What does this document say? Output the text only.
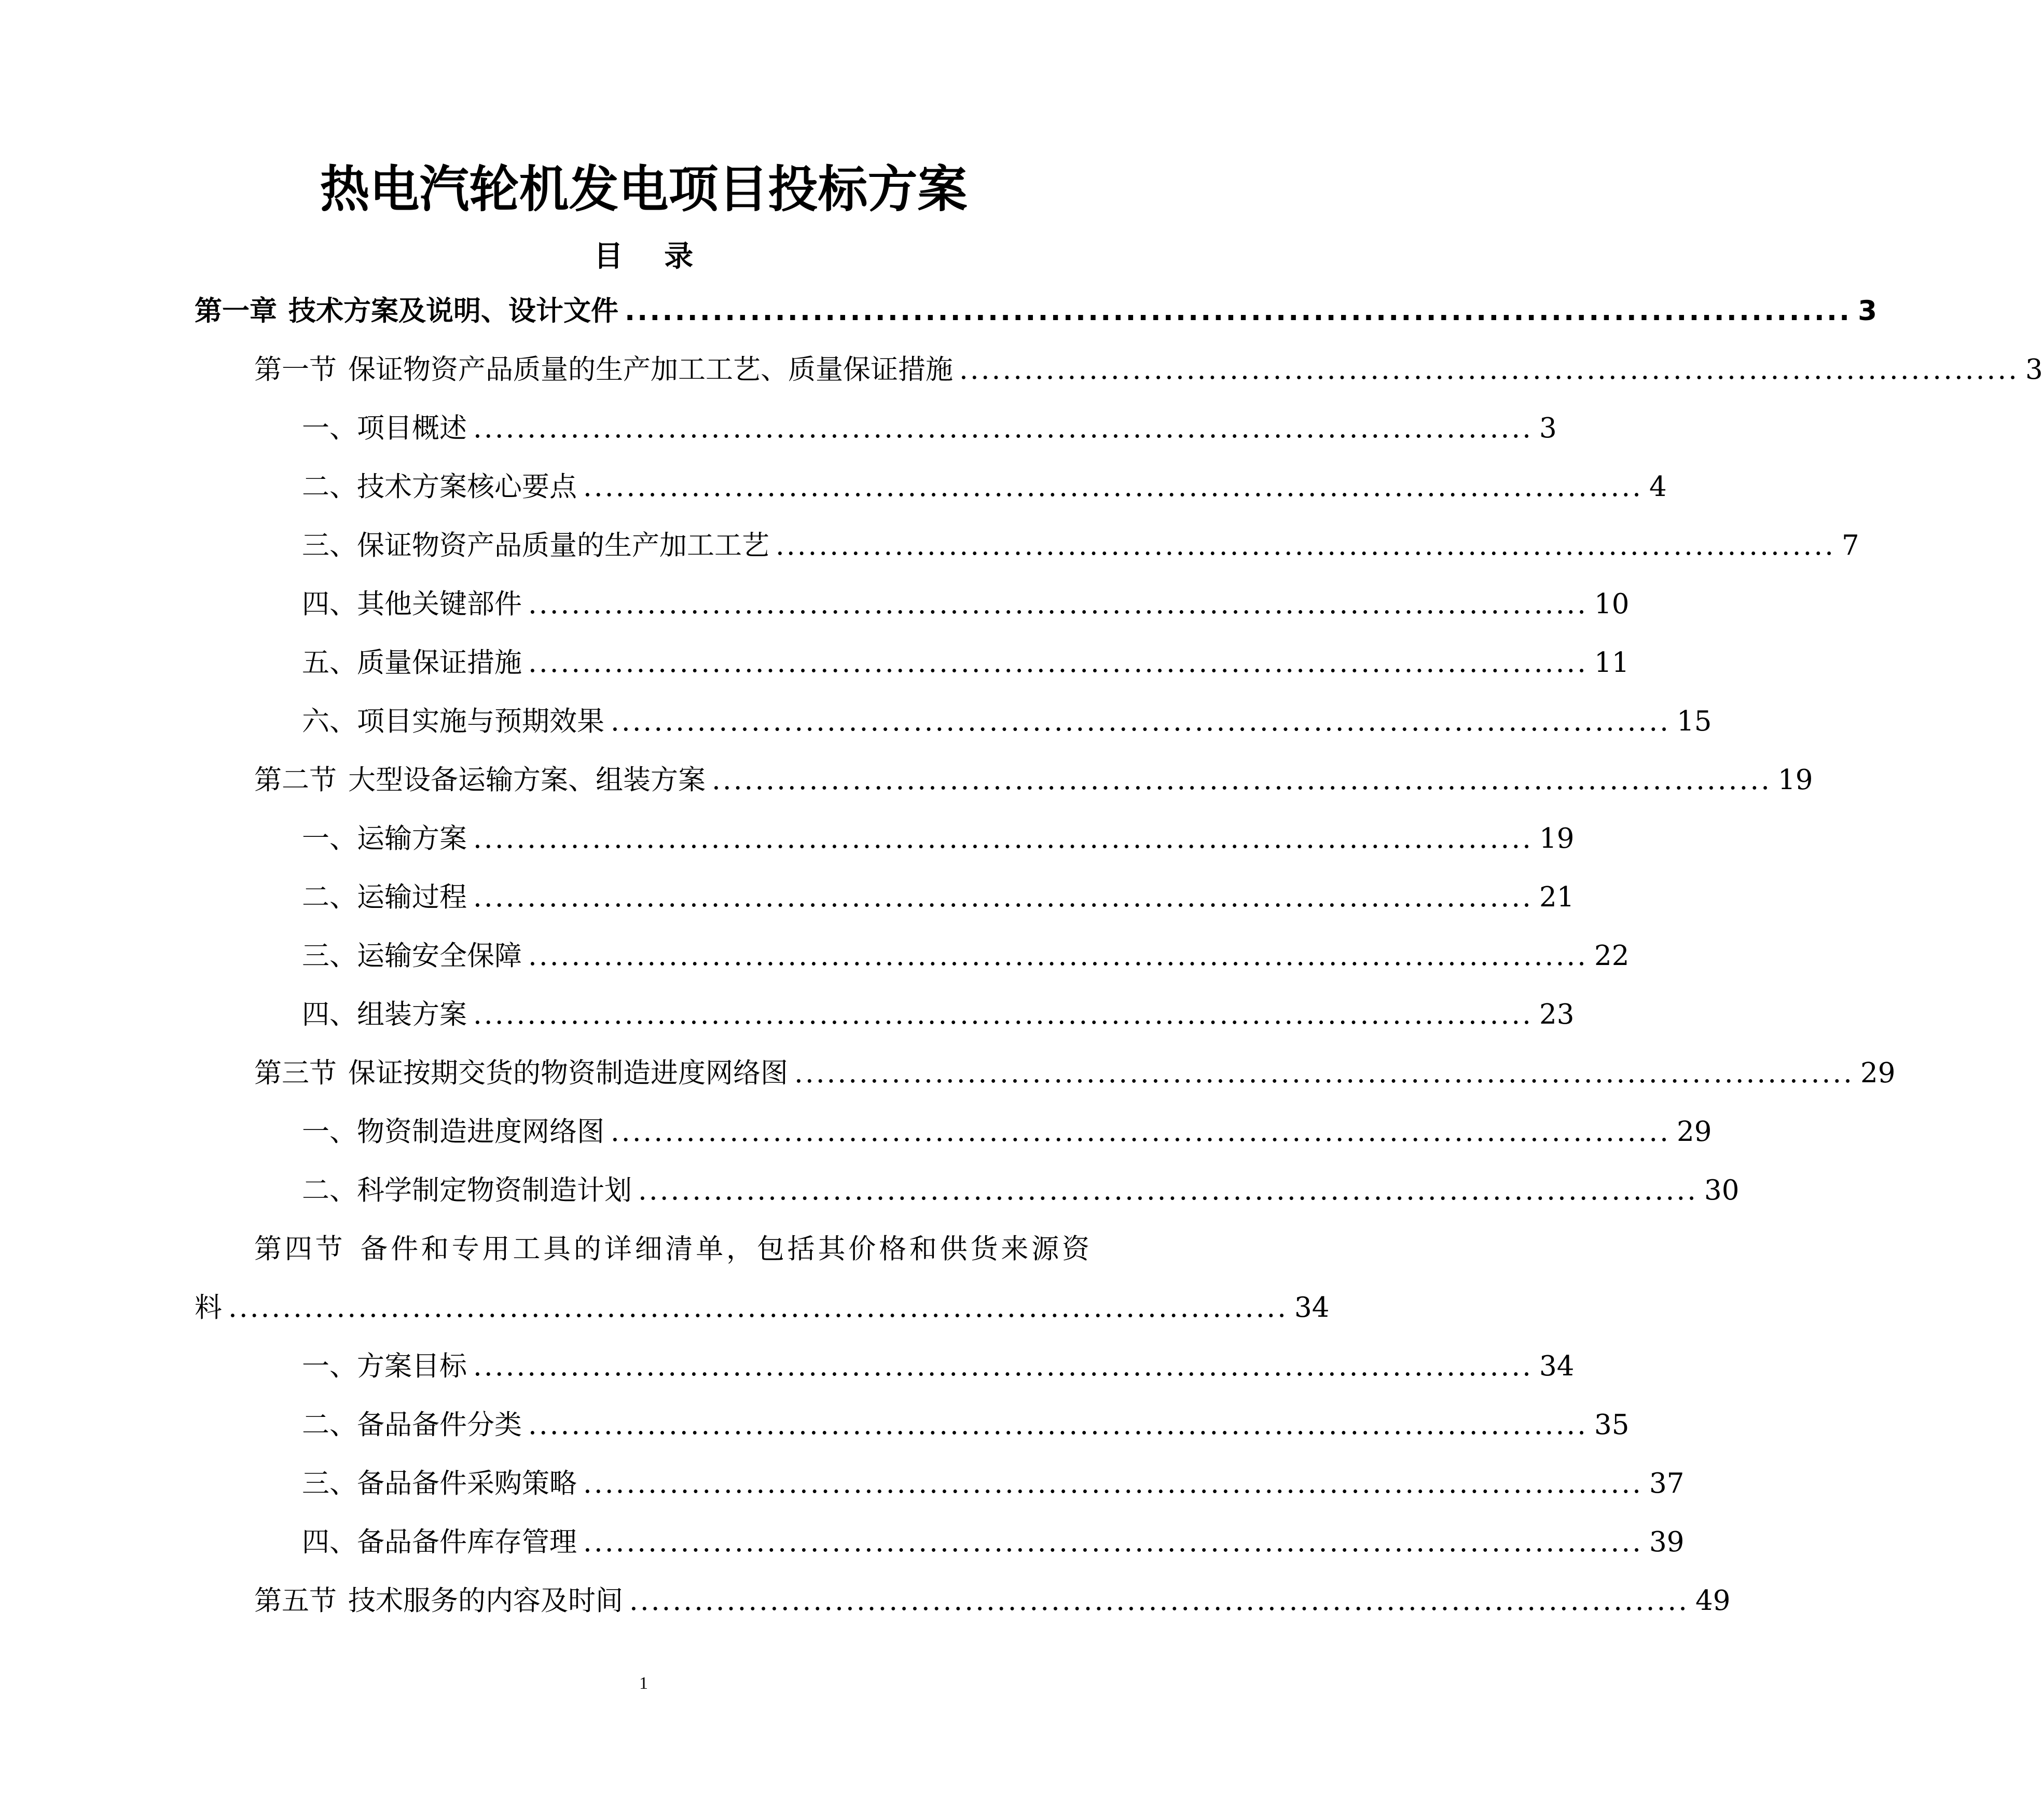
热电汽轮机发电项目投标方案
目 录
第一章 技术方案及说明、设计文件 .................................................................................................. 3
第一节 保证物资产品质量的生产加工工艺、质量保证措施 .................................................................................................. 3
一、 项目概述 .................................................................................................. 3
二、 技术方案核心要点 .................................................................................................. 4
三、 保证物资产品质量的生产加工工艺 .................................................................................................. 7
四、 其他关键部件 .................................................................................................. 10
五、 质量保证措施 .................................................................................................. 11
六、 项目实施与预期效果 .................................................................................................. 15
第二节 大型设备运输方案、组装方案 .................................................................................................. 19
一、 运输方案 .................................................................................................. 19
二、 运输过程 .................................................................................................. 21
三、 运输安全保障 .................................................................................................. 22
四、 组装方案 .................................................................................................. 23
第三节 保证按期交货的物资制造进度网络图 .................................................................................................. 29
一、 物资制造进度网络图 .................................................................................................. 29
二、 科学制定物资制造计划 .................................................................................................. 30
第四节 备件和专用工具的详细清单，包括其价格和供货来源资
料 .................................................................................................. 34
一、 方案目标 .................................................................................................. 34
二、 备品备件分类 .................................................................................................. 35
三、 备品备件采购策略 .................................................................................................. 37
四、 备品备件库存管理 .................................................................................................. 39
第五节 技术服务的内容及时间 .................................................................................................. 49
1
